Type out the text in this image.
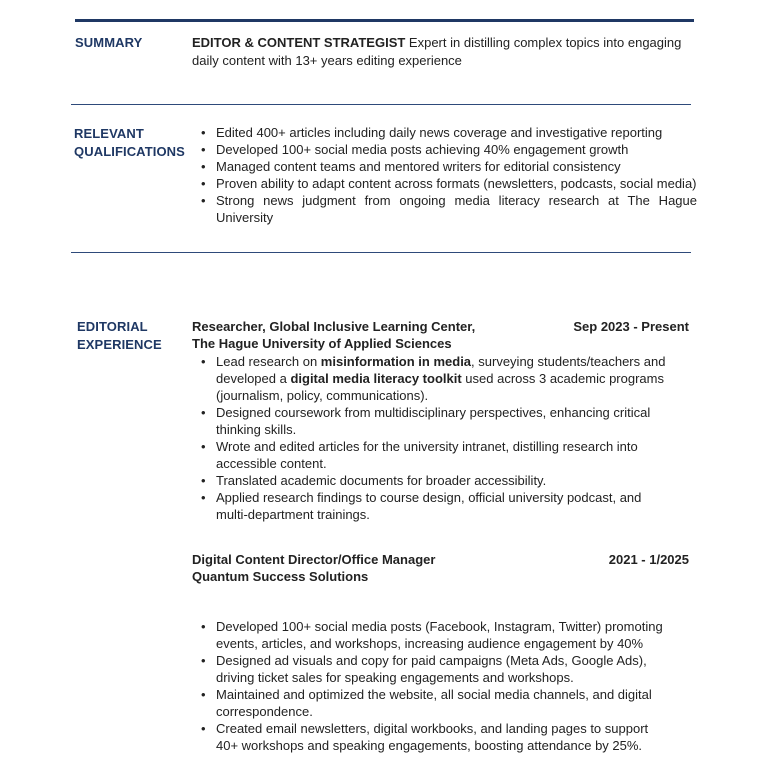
SUMMARY	EDITOR & CONTENT STRATEGIST Expert in distilling complex topics into engaging daily content with 13+ years editing experience
RELEVANT
QUALIFICATIONS
• Edited 400+ articles including daily news coverage and investigative reporting
• Developed 100+ social media posts achieving 40% engagement growth
• Managed content teams and mentored writers for editorial consistency
• Proven ability to adapt content across formats (newsletters, podcasts, social media)
• Strong news judgment from ongoing media literacy research at The Hague University
EDITORIAL
EXPERIENCE
Researcher, Global Inclusive Learning Center,	Sep 2023 - Present
The Hague University of Applied Sciences
• Lead research on misinformation in media, surveying students/teachers and developed a digital media literacy toolkit used across 3 academic programs (journalism, policy, communications).
• Designed coursework from multidisciplinary perspectives, enhancing critical thinking skills.
• Wrote and edited articles for the university intranet, distilling research into accessible content.
• Translated academic documents for broader accessibility.
• Applied research findings to course design, official university podcast, and multi-department trainings.
Digital Content Director/Office Manager	2021 - 1/2025
Quantum Success Solutions
• Developed 100+ social media posts (Facebook, Instagram, Twitter) promoting events, articles, and workshops, increasing audience engagement by 40%
• Designed ad visuals and copy for paid campaigns (Meta Ads, Google Ads), driving ticket sales for speaking engagements and workshops.
• Maintained and optimized the website, all social media channels, and digital correspondence.
• Created email newsletters, digital workbooks, and landing pages to support 40+ workshops and speaking engagements, boosting attendance by 25%.
